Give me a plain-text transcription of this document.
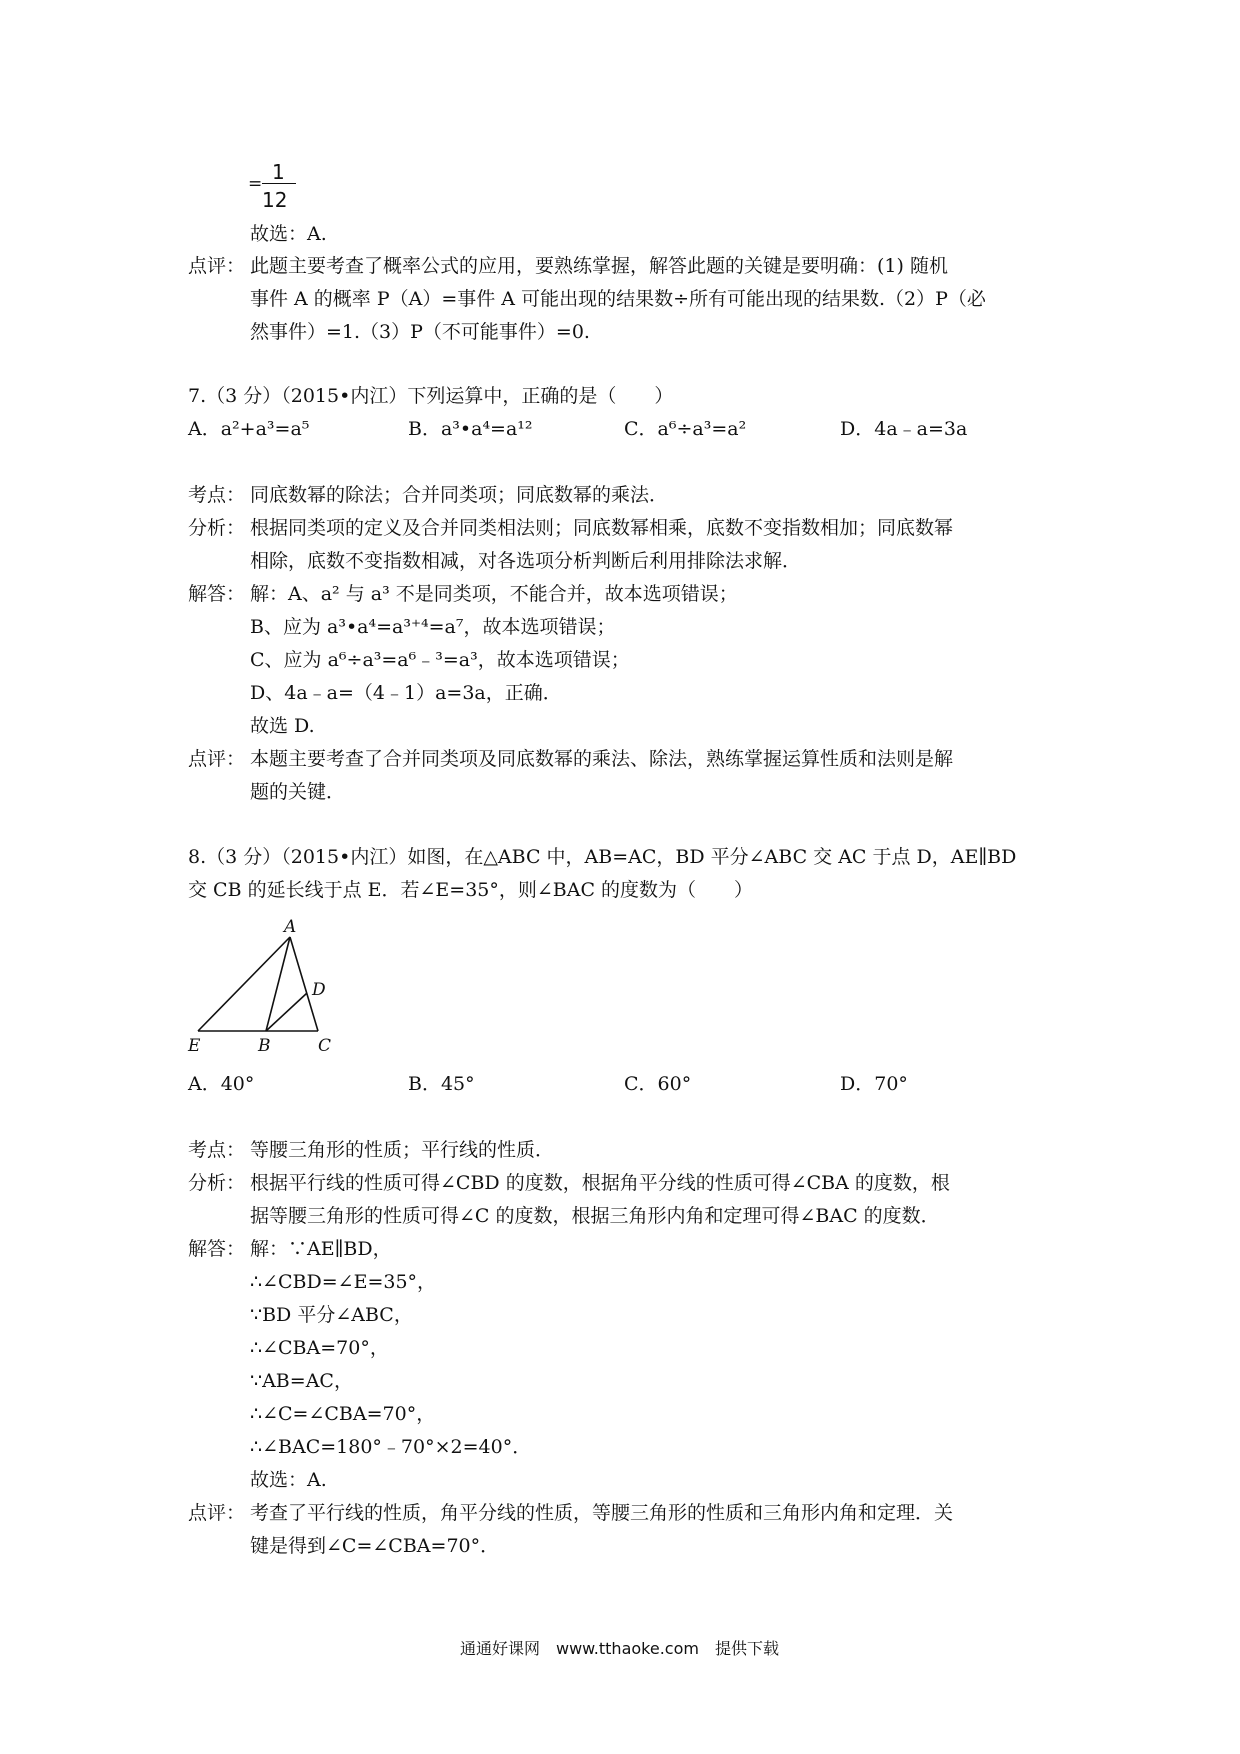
= 1
12
故选：A.
点评： 此题主要考查了概率公式的应用，要熟练掌握，解答此题的关键是要明确：(1) 随机
事件 A 的概率 P（A）=事件 A 可能出现的结果数÷所有可能出现的结果数.（2）P（必
然事件）=1.（3）P（不可能事件）=0.
7.（3 分）（2015•内江）下列运算中，正确的是（　　）
A．a²+a³=a⁵	B．a³•a⁴=a¹²	C．a⁶÷a³=a²	D．4a﹣a=3a
考点： 同底数幂的除法；合并同类项；同底数幂的乘法．
分析： 根据同类项的定义及合并同类相法则；同底数幂相乘，底数不变指数相加；同底数幂
相除，底数不变指数相减，对各选项分析判断后利用排除法求解．
解答： 解：A、a² 与 a³ 不是同类项，不能合并，故本选项错误；
B、应为 a³•a⁴=a³⁺⁴=a⁷，故本选项错误；
C、应为 a⁶÷a³=a⁶﹣³=a³，故本选项错误；
D、4a﹣a=（4﹣1）a=3a，正确．
故选 D.
点评： 本题主要考查了合并同类项及同底数幂的乘法、除法，熟练掌握运算性质和法则是解
题的关键．
8.（3 分）（2015•内江）如图，在△ABC 中，AB=AC，BD 平分∠ABC 交 AC 于点 D，AE∥BD
交 CB 的延长线于点 E．若∠E=35°，则∠BAC 的度数为（　　）
A
B	C
D
E
A．40°	B．45°	C．60°	D．70°
考点： 等腰三角形的性质；平行线的性质．
分析： 根据平行线的性质可得∠CBD 的度数，根据角平分线的性质可得∠CBA 的度数，根
据等腰三角形的性质可得∠C 的度数，根据三角形内角和定理可得∠BAC 的度数．
解答： 解：∵AE∥BD，
∴∠CBD=∠E=35°，
∵BD 平分∠ABC，
∴∠CBA=70°，
∵AB=AC，
∴∠C=∠CBA=70°，
∴∠BAC=180°﹣70°×2=40°．
故选：A.
点评： 考查了平行线的性质，角平分线的性质，等腰三角形的性质和三角形内角和定理．关
键是得到∠C=∠CBA=70°．
通通好课网　www.tthaoke.com　提供下载
